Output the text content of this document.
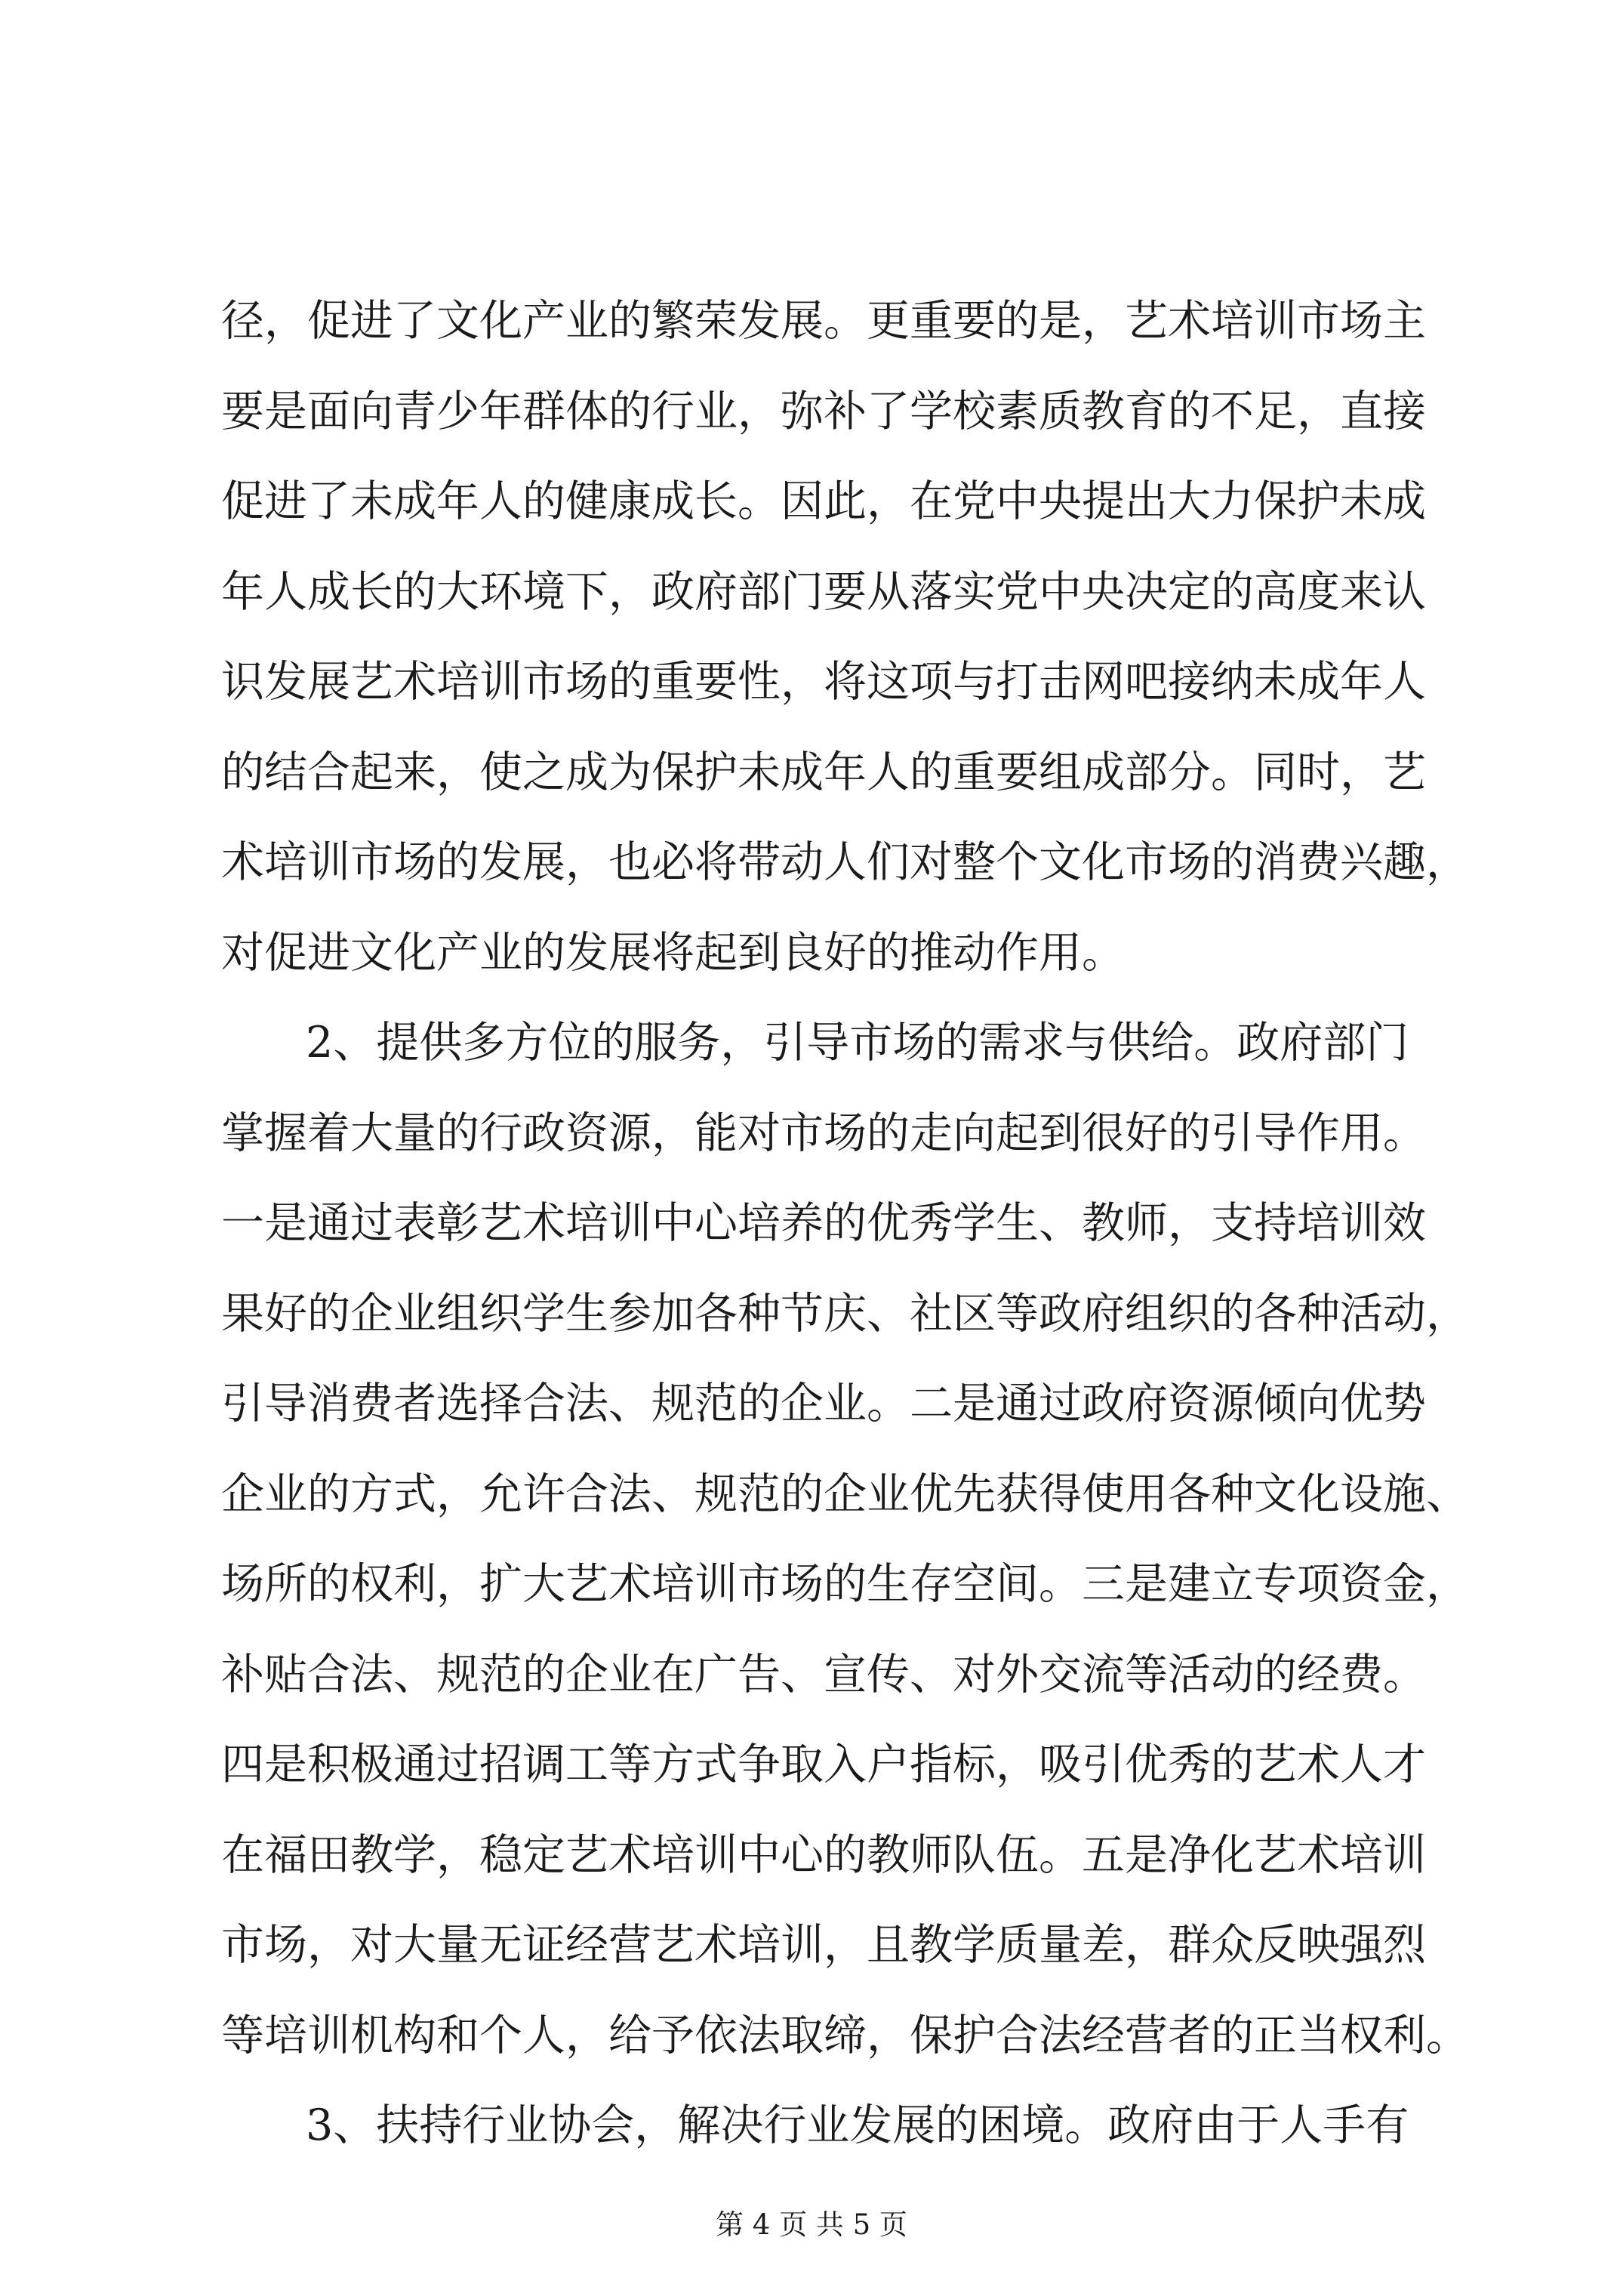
径，促进了文化产业的繁荣发展。更重要的是，艺术培训市场主
要是面向青少年群体的行业，弥补了学校素质教育的不足，直接
促进了未成年人的健康成长。因此，在党中央提出大力保护未成
年人成长的大环境下，政府部门要从落实党中央决定的高度来认
识发展艺术培训市场的重要性，将这项与打击网吧接纳未成年人
的结合起来，使之成为保护未成年人的重要组成部分。同时，艺
术培训市场的发展，也必将带动人们对整个文化市场的消费兴趣，
对促进文化产业的发展将起到良好的推动作用。
2、提供多方位的服务，引导市场的需求与供给。政府部门
掌握着大量的行政资源，能对市场的走向起到很好的引导作用。
一是通过表彰艺术培训中心培养的优秀学生、教师，支持培训效
果好的企业组织学生参加各种节庆、社区等政府组织的各种活动，
引导消费者选择合法、规范的企业。二是通过政府资源倾向优势
企业的方式，允许合法、规范的企业优先获得使用各种文化设施、
场所的权利，扩大艺术培训市场的生存空间。三是建立专项资金，
补贴合法、规范的企业在广告、宣传、对外交流等活动的经费。
四是积极通过招调工等方式争取入户指标，吸引优秀的艺术人才
在福田教学，稳定艺术培训中心的教师队伍。五是净化艺术培训
市场，对大量无证经营艺术培训，且教学质量差，群众反映强烈
等培训机构和个人，给予依法取缔，保护合法经营者的正当权利。
3、扶持行业协会，解决行业发展的困境。政府由于人手有
第 4 页 共 5 页
